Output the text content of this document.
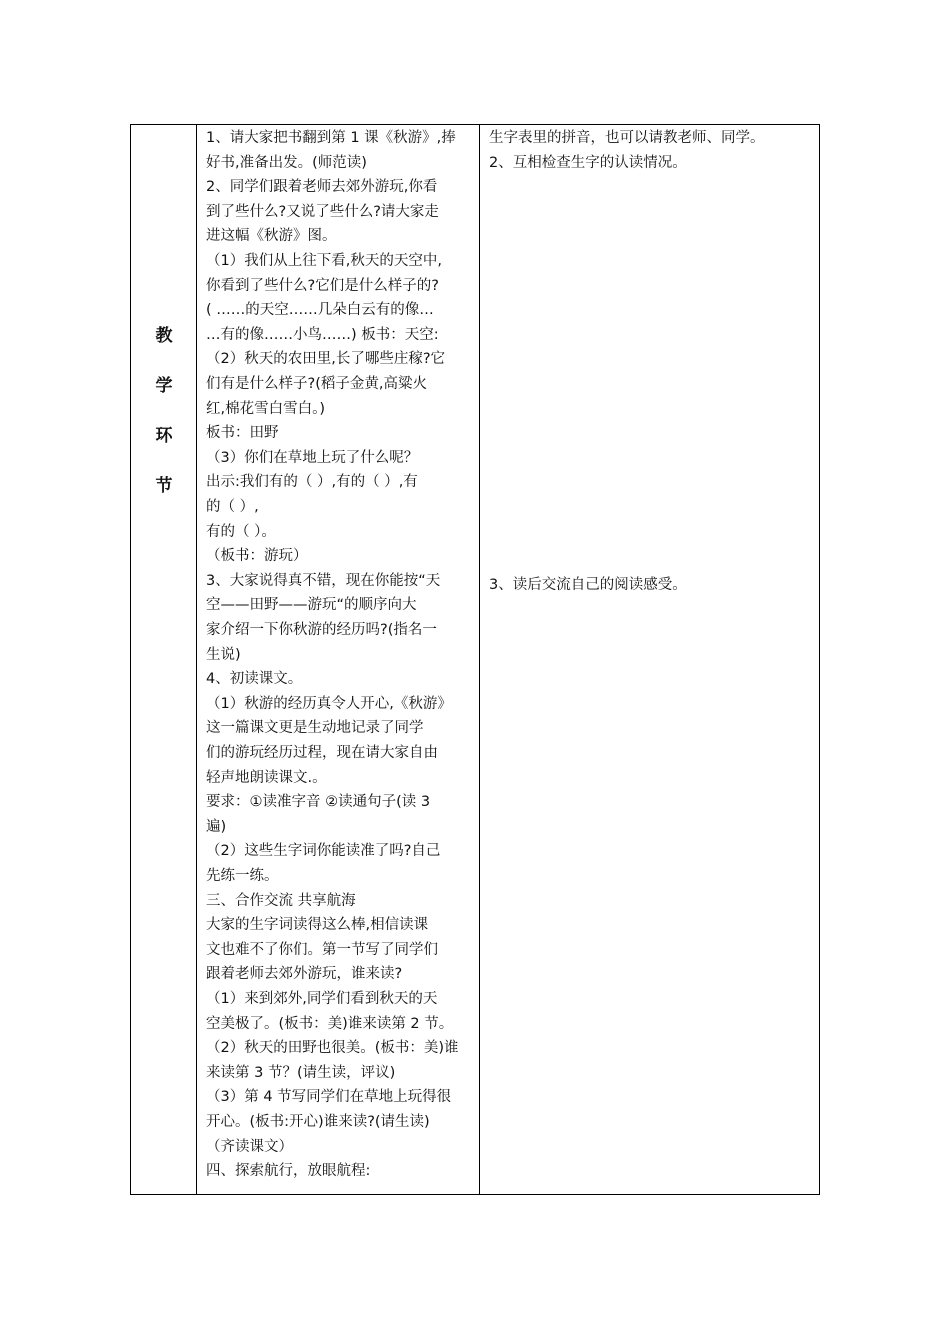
教
学
环
节
1、请大家把书翻到第 1 课《秋游》,捧
好书,准备出发。(师范读)
2、同学们跟着老师去郊外游玩,你看
到了些什么?又说了些什么?请大家走
进这幅《秋游》图。
（1）我们从上往下看,秋天的天空中,
你看到了些什么?它们是什么样子的?
( ……的天空……几朵白云有的像…
…有的像……小鸟……) 板书：天空:
（2）秋天的农田里,长了哪些庄稼?它
们有是什么样子?(稻子金黄,高粱火
红,棉花雪白雪白。)
板书：田野
（3）你们在草地上玩了什么呢？
出示:我们有的（ ）,有的（ ）,有
的（ ）,
有的（ ）。
（板书：游玩）
3、大家说得真不错，现在你能按“天
空——田野——游玩“的顺序向大
家介绍一下你秋游的经历吗?(指名一
生说)
4、初读课文。
（1）秋游的经历真令人开心,《秋游》
这一篇课文更是生动地记录了同学
们的游玩经历过程，现在请大家自由
轻声地朗读课文.。
要求：①读准字音 ②读通句子(读 3
遍)
（2）这些生字词你能读准了吗?自己
先练一练。
三、合作交流 共享航海
大家的生字词读得这么棒,相信读课
文也难不了你们。第一节写了同学们
跟着老师去郊外游玩，谁来读?
（1）来到郊外,同学们看到秋天的天
空美极了。(板书：美)谁来读第 2 节。
（2）秋天的田野也很美。(板书：美)谁
来读第 3 节？(请生读，评议)
（3）第 4 节写同学们在草地上玩得很
开心。(板书:开心)谁来读?(请生读)
（齐读课文）
四、探索航行，放眼航程:
生字表里的拼音，也可以请教老师、同学。
2、互相检查生字的认读情况。
3、读后交流自己的阅读感受。
